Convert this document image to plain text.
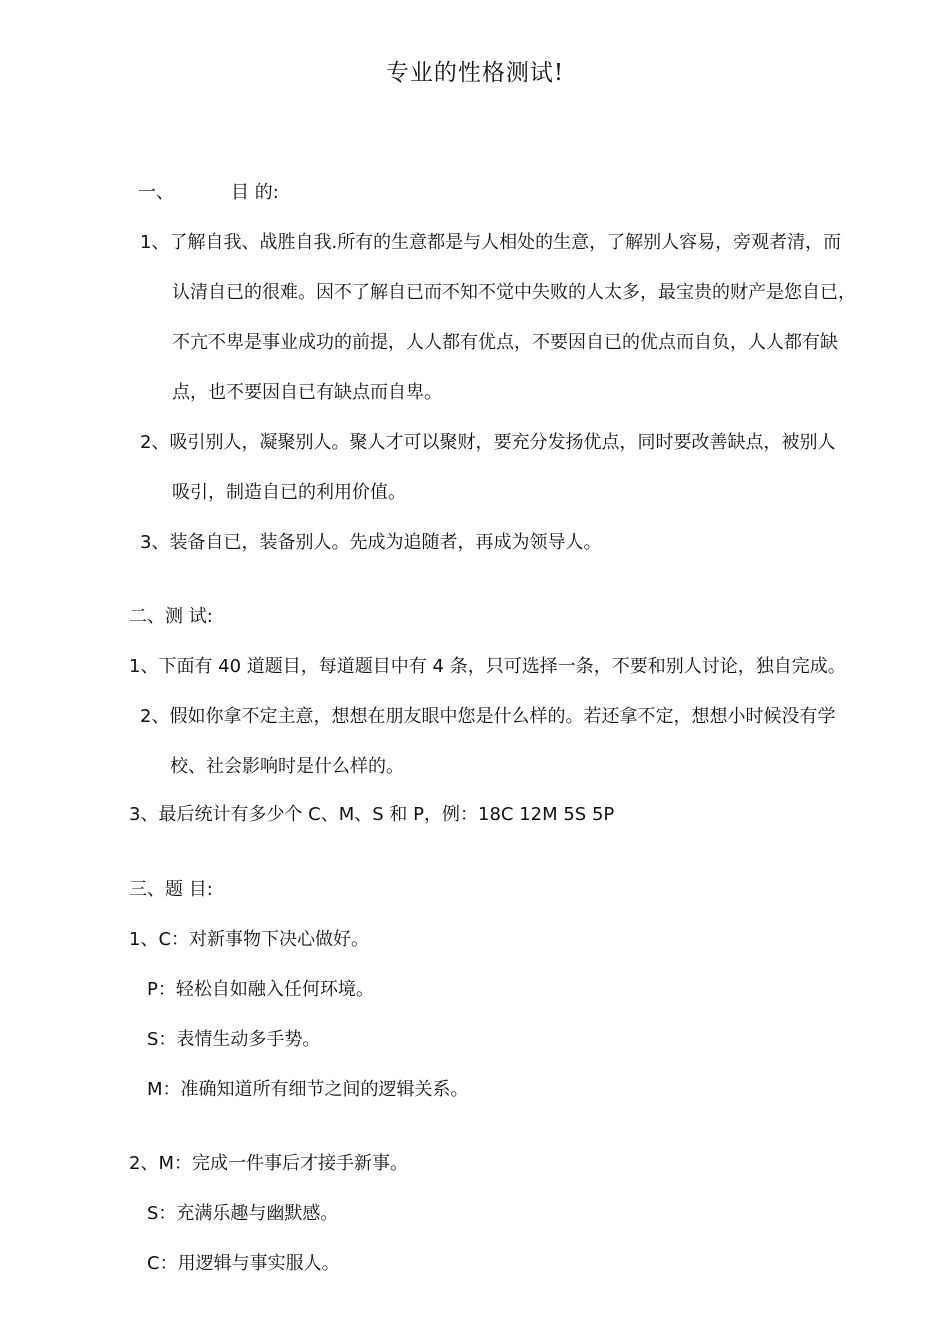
专业的性格测试!
一、	目 的:
1、了解自我、战胜自我.所有的生意都是与人相处的生意，了解别人容易，旁观者清，而
认清自已的很难。因不了解自已而不知不觉中失败的人太多，最宝贵的财产是您自已，
不亢不卑是事业成功的前提，人人都有优点，不要因自已的优点而自负，人人都有缺
点，也不要因自已有缺点而自卑。
2、吸引别人，凝聚别人。聚人才可以聚财，要充分发扬优点，同时要改善缺点，被别人
吸引，制造自已的利用价值。
3、装备自已，装备别人。先成为追随者，再成为领导人。
二、测 试:
1、下面有 40 道题目，每道题目中有 4 条，只可选择一条，不要和别人讨论，独自完成。
2、假如你拿不定主意，想想在朋友眼中您是什么样的。若还拿不定，想想小时候没有学
校、社会影响时是什么样的。
3、最后统计有多少个 C、M、S 和 P，例：18C 12M 5S 5P
三、题 目:
1、C：对新事物下决心做好。
P：轻松自如融入任何环境。
S：表情生动多手势。
M：准确知道所有细节之间的逻辑关系。
2、M：完成一件事后才接手新事。
S：充满乐趣与幽默感。
C：用逻辑与事实服人。
